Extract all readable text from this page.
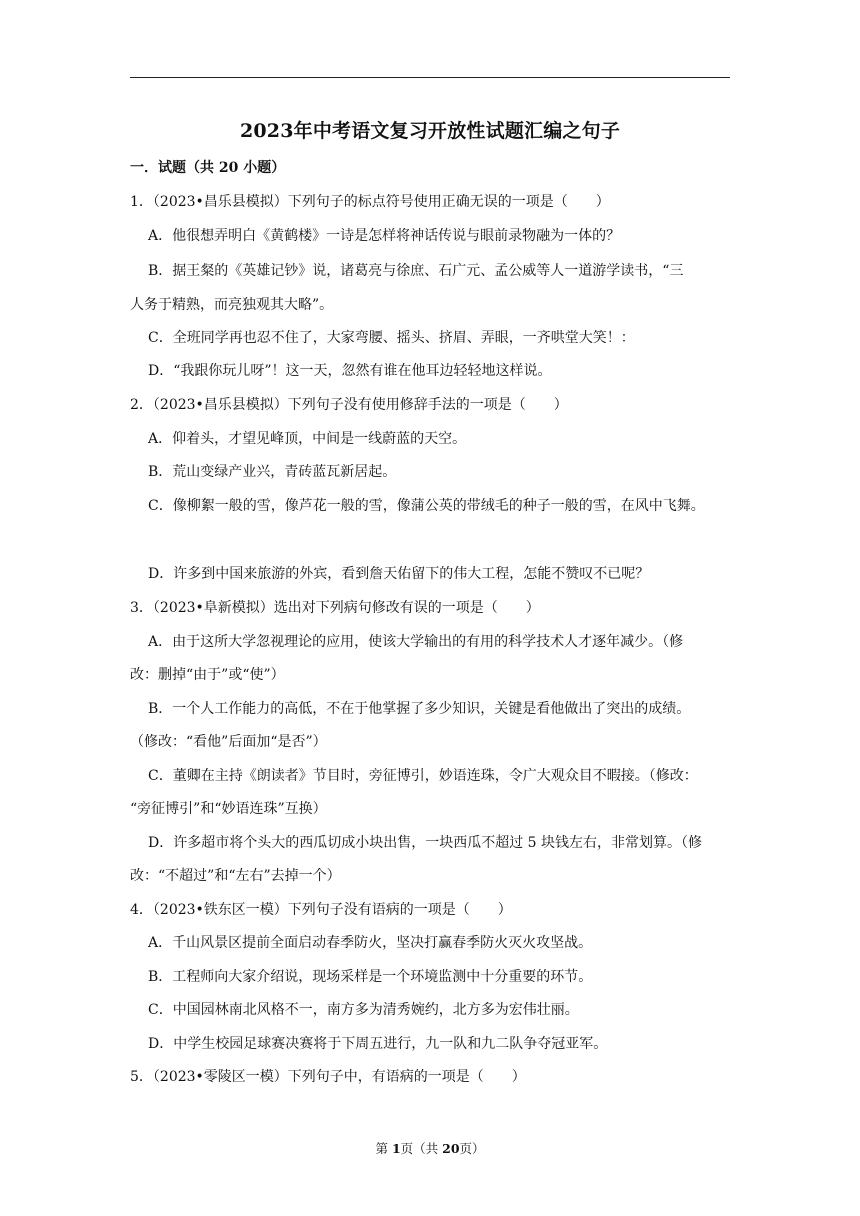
2023年中考语文复习开放性试题汇编之句子
一．试题（共 20 小题）
1．（2023•昌乐县模拟）下列句子的标点符号使用正确无误的一项是（　　）
A．他很想弄明白《黄鹤楼》一诗是怎样将神话传说与眼前录物融为一体的？
B．据王粲的《英雄记钞》说，诸葛亮与徐庶、石广元、孟公威等人一道游学读书，“三
人务于精熟，而亮独观其大略”。
C．全班同学再也忍不住了，大家弯腰、摇头、挤眉、弄眼，一齐哄堂大笑！：
D．“我跟你玩儿呀”！这一天，忽然有谁在他耳边轻轻地这样说。
2．（2023•昌乐县模拟）下列句子没有使用修辞手法的一项是（　　）
A．仰着头，才望见峰顶，中间是一线蔚蓝的天空。
B．荒山变绿产业兴，青砖蓝瓦新居起。
C．像柳絮一般的雪，像芦花一般的雪，像蒲公英的带绒毛的种子一般的雪，在风中飞舞。
D．许多到中国来旅游的外宾，看到詹天佑留下的伟大工程，怎能不赞叹不已呢？
3．（2023•阜新模拟）选出对下列病句修改有误的一项是（　　）
A．由于这所大学忽视理论的应用，使该大学输出的有用的科学技术人才逐年减少。（修
改：删掉“由于”或“使”）
B．一个人工作能力的高低，不在于他掌握了多少知识，关键是看他做出了突出的成绩。
（修改：“看他”后面加“是否”）
C．董卿在主持《朗读者》节目时，旁征博引，妙语连珠，令广大观众目不暇接。（修改：
“旁征博引”和“妙语连珠”互换）
D．许多超市将个头大的西瓜切成小块出售，一块西瓜不超过 5 块钱左右，非常划算。（修
改：“不超过”和“左右”去掉一个）
4．（2023•铁东区一模）下列句子没有语病的一项是（　　）
A．千山风景区提前全面启动春季防火，坚决打赢春季防火灭火攻坚战。
B．工程师向大家介绍说，现场采样是一个环境监测中十分重要的环节。
C．中国园林南北风格不一，南方多为清秀婉约，北方多为宏伟壮丽。
D．中学生校园足球赛决赛将于下周五进行，九一队和九二队争夺冠亚军。
5．（2023•零陵区一模）下列句子中，有语病的一项是（　　）
第 1页（共 20页）
